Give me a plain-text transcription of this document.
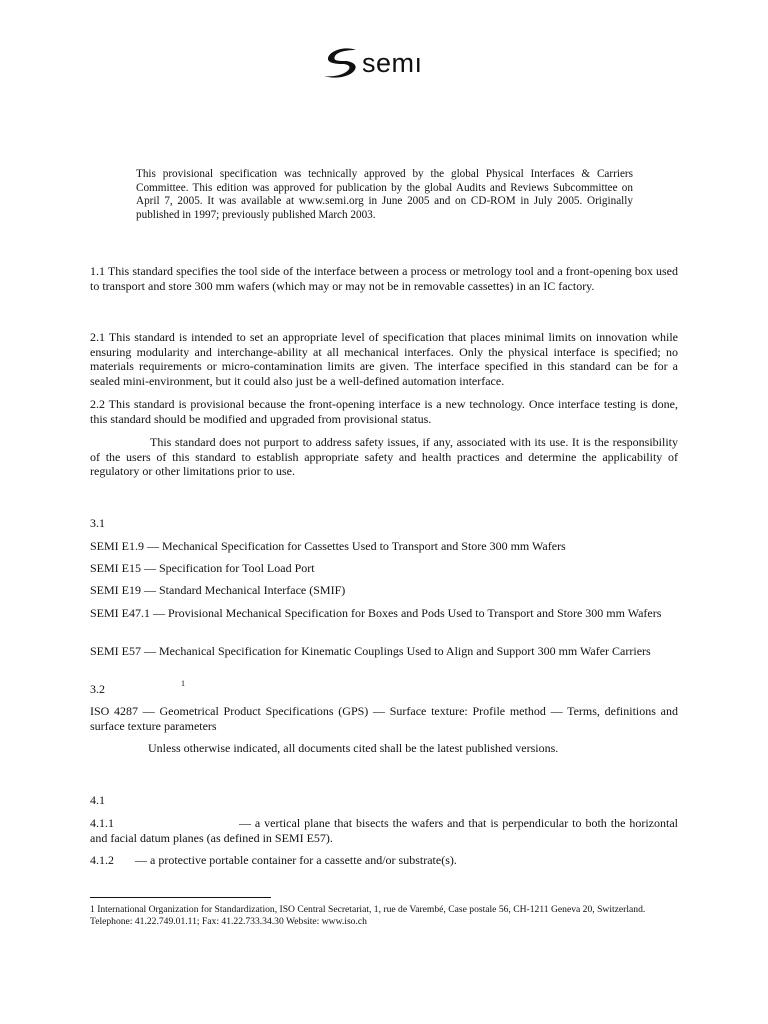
semı
This provisional specification was technically approved by the global Physical Interfaces & Carriers Committee. This edition was approved for publication by the global Audits and Reviews Subcommittee on April 7, 2005. It was available at www.semi.org in June 2005 and on CD-ROM in July 2005. Originally published in 1997; previously published March 2003.
1.1 This standard specifies the tool side of the interface between a process or metrology tool and a front-opening box used to transport and store 300 mm wafers (which may or may not be in removable cassettes) in an IC factory.
2.1 This standard is intended to set an appropriate level of specification that places minimal limits on innovation while ensuring modularity and interchange-ability at all mechanical interfaces. Only the physical interface is specified; no materials requirements or micro-contamination limits are given. The interface specified in this standard can be for a sealed mini-environment, but it could also just be a well-defined automation interface.
2.2 This standard is provisional because the front-opening interface is a new technology. Once interface testing is done, this standard should be modified and upgraded from provisional status.
This standard does not purport to address safety issues, if any, associated with its use. It is the responsibility of the users of this standard to establish appropriate safety and health practices and determine the applicability of regulatory or other limitations prior to use.
3.1
SEMI E1.9 — Mechanical Specification for Cassettes Used to Transport and Store 300 mm Wafers
SEMI E15 — Specification for Tool Load Port
SEMI E19 — Standard Mechanical Interface (SMIF)
SEMI E47.1 — Provisional Mechanical Specification for Boxes and Pods Used to Transport and Store 300 mm Wafers
SEMI E57 — Mechanical Specification for Kinematic Couplings Used to Align and Support 300 mm Wafer Carriers
3.2	1
ISO 4287 — Geometrical Product Specifications (GPS) — Surface texture: Profile method — Terms, definitions and surface texture parameters
Unless otherwise indicated, all documents cited shall be the latest published versions.
4.1
4.1.1	— a vertical plane that bisects the wafers and that is perpendicular to both the horizontal and facial datum planes (as defined in SEMI E57).
4.1.2 — a protective portable container for a cassette and/or substrate(s).
1 International Organization for Standardization, ISO Central Secretariat, 1, rue de Varembé, Case postale 56, CH-1211 Geneva 20, Switzerland. Telephone: 41.22.749.01.11; Fax: 41.22.733.34.30 Website: www.iso.ch
